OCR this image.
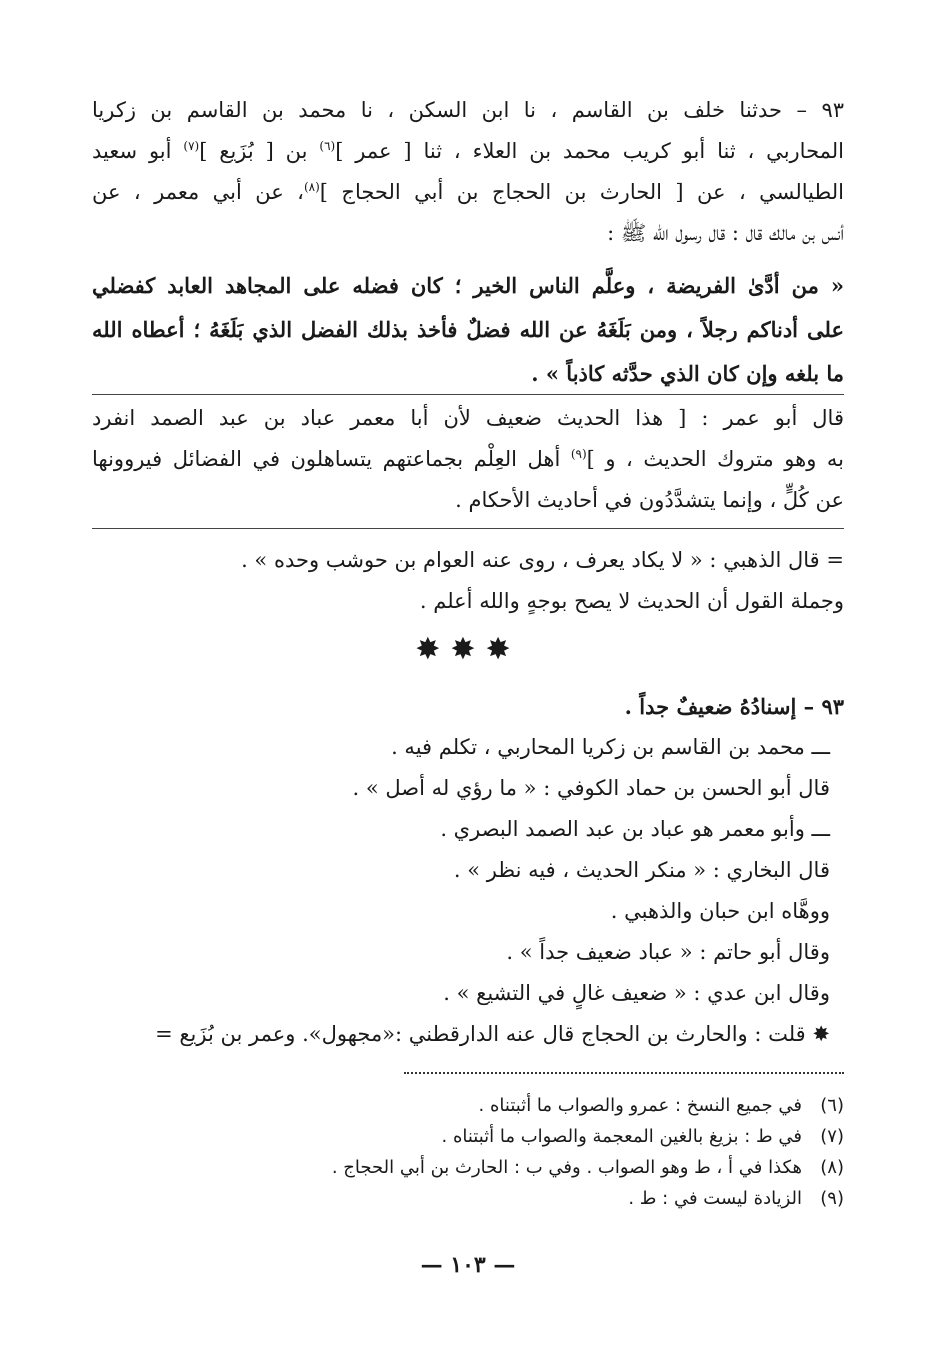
٩٣ – حدثنا خلف بن القاسم ، نا ابن السكن ، نا محمد بن القاسم بن زكريا
المحاربي ، ثنا أبو كريب محمد بن العلاء ، ثنا [ عمر ]$^{(٦)}$ بن [ بُزَيع ]$^{(٧)}$ أبو سعيد
الطيالسي ، عن [ الحارث بن الحجاج بن أبي الحجاج ]$^{(٨)}$، عن أبي معمر ، عن
أنس بن مالك قال : قال رسول الله ﷺ :
« من أدَّىٰ الفريضة ، وعلَّم الناس الخير ؛ كان فضله على المجاهد العابد كفضلي
على أدناكم رجلاً ، ومن بَلَغَهُ عن الله فضلٌ فأخذ بذلك الفضل الذي بَلَغَهُ ؛ أعطاه الله
ما بلغه وإن كان الذي حدَّثه كاذباً » .
قال أبو عمر : [ هذا الحديث ضعيف لأن أبا معمر عباد بن عبد الصمد انفرد
به وهو متروك الحديث ، و ]$^{(٩)}$ أهل العِلْم بجماعتهم يتساهلون في الفضائل فيروونها
عن كُلٍّ ، وإنما يتشدَّدُون في أحاديث الأحكام .
= قال الذهبي : « لا يكاد يعرف ، روى عنه العوام بن حوشب وحده » .
وجملة القول أن الحديث لا يصح بوجهٍ والله أعلم .
✸✸✸
٩٣ – إسنادُهُ ضعيفٌ جداً .
ـــ محمد بن القاسم بن زكريا المحاربي ، تكلم فيه .
قال أبو الحسن بن حماد الكوفي : « ما رؤي له أصل » .
ـــ وأبو معمر هو عباد بن عبد الصمد البصري .
قال البخاري : « منكر الحديث ، فيه نظر » .
ووهَّاه ابن حبان والذهبي .
وقال أبو حاتم : « عباد ضعيف جداً » .
وقال ابن عدي : « ضعيف غالٍ في التشيع » .
✸ قلت : والحارث بن الحجاج قال عنه الدارقطني :«مجهول». وعمر بن بُزَيع =
(٦)في جميع النسخ : عمرو والصواب ما أثبتناه .
(٧)في ط : بزيغ بالغين المعجمة والصواب ما أثبتناه .
(٨)هكذا في أ ، ط وهو الصواب . وفي ب : الحارث بن أبي الحجاج .
(٩)الزيادة ليست في : ط .
— ١٠٣ —
